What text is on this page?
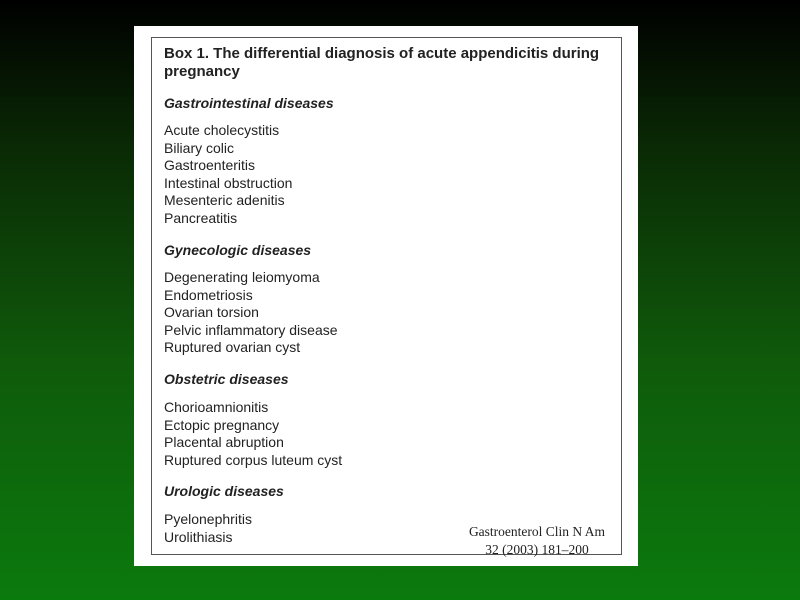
Box 1. The differential diagnosis of acute appendicitis during pregnancy

Gastrointestinal diseases

Acute cholecystitis
Biliary colic
Gastroenteritis
Intestinal obstruction
Mesenteric adenitis
Pancreatitis

Gynecologic diseases

Degenerating leiomyoma
Endometriosis
Ovarian torsion
Pelvic inflammatory disease
Ruptured ovarian cyst

Obstetric diseases

Chorioamnionitis
Ectopic pregnancy
Placental abruption
Ruptured corpus luteum cyst

Urologic diseases

Pyelonephritis
Urolithiasis	Gastroenterol Clin N Am
32 (2003) 181–200
